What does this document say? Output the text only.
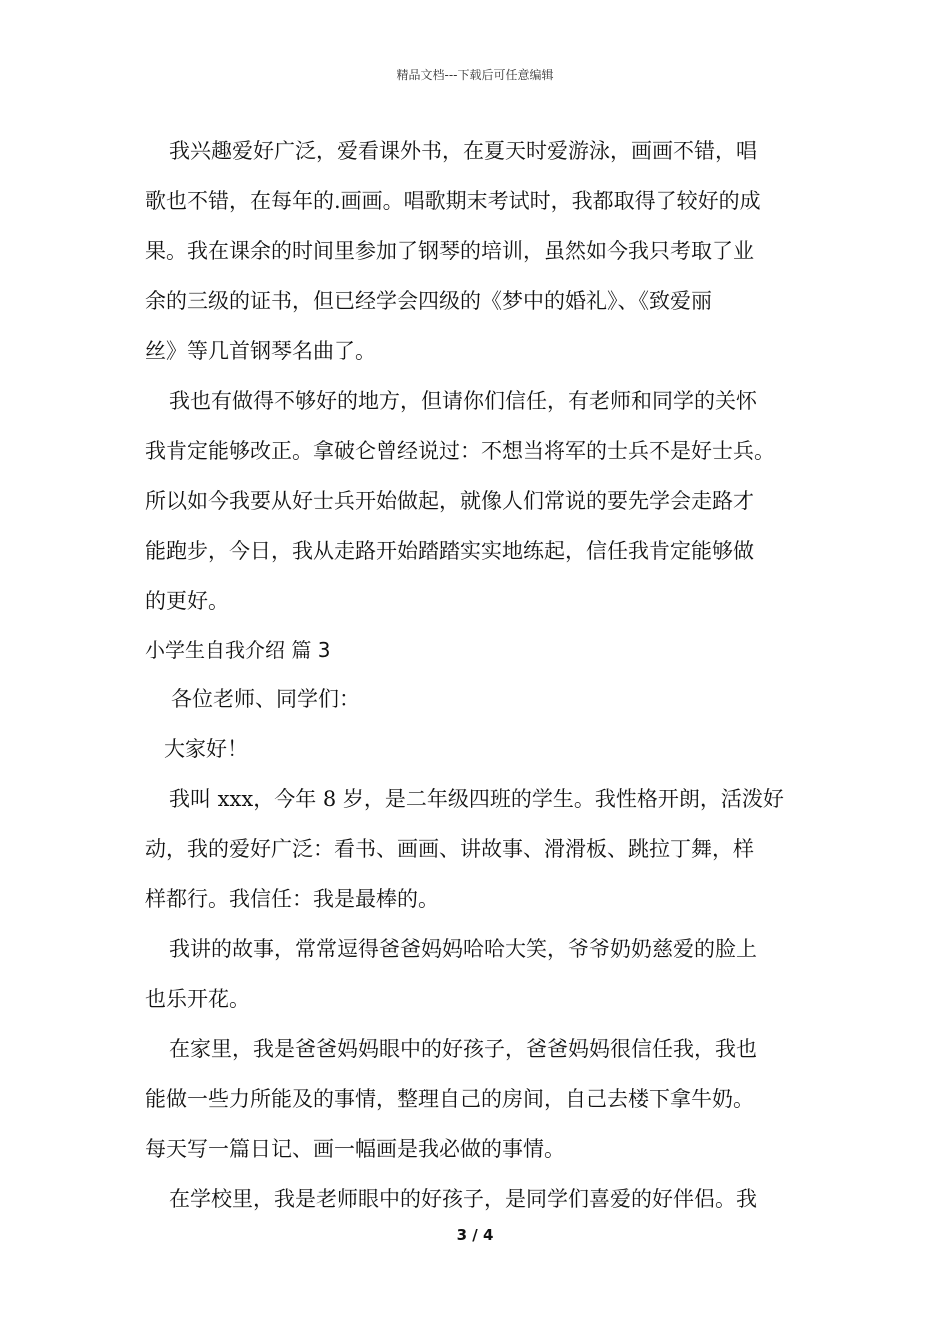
精品文档---下载后可任意编辑
我兴趣爱好广泛，爱看课外书，在夏天时爱游泳，画画不错，唱
歌也不错，在每年的.画画。唱歌期末考试时，我都取得了较好的成
果。我在课余的时间里参加了钢琴的培训，虽然如今我只考取了业
余的三级的证书，但已经学会四级的《梦中的婚礼》、《致爱丽
丝》等几首钢琴名曲了。
我也有做得不够好的地方，但请你们信任，有老师和同学的关怀
我肯定能够改正。拿破仑曾经说过：不想当将军的士兵不是好士兵。
所以如今我要从好士兵开始做起，就像人们常说的要先学会走路才
能跑步，今日，我从走路开始踏踏实实地练起，信任我肯定能够做
的更好。
小学生自我介绍 篇 3
各位老师、同学们：
大家好！
我叫 xxx，今年 8 岁，是二年级四班的学生。我性格开朗，活泼好
动，我的爱好广泛：看书、画画、讲故事、滑滑板、跳拉丁舞，样
样都行。我信任：我是最棒的。
我讲的故事，常常逗得爸爸妈妈哈哈大笑，爷爷奶奶慈爱的脸上
也乐开花。
在家里，我是爸爸妈妈眼中的好孩子，爸爸妈妈很信任我，我也
能做一些力所能及的事情，整理自己的房间，自己去楼下拿牛奶。
每天写一篇日记、画一幅画是我必做的事情。
在学校里，我是老师眼中的好孩子，是同学们喜爱的好伴侣。我
3 / 4
